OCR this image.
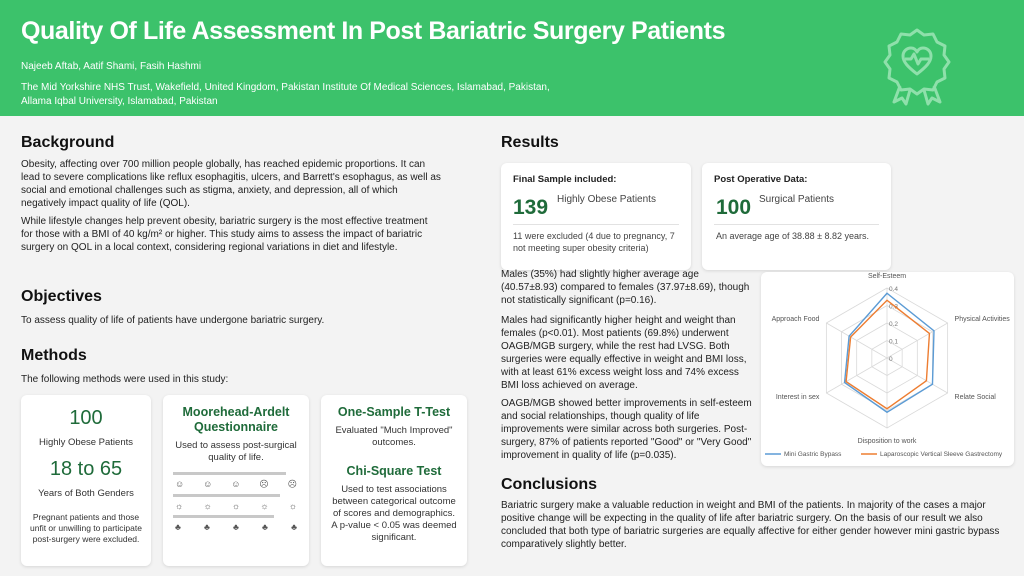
Quality Of Life Assessment In Post Bariatric Surgery Patients
Najeeb Aftab, Aatif Shami, Fasih Hashmi
The Mid Yorkshire NHS Trust, Wakefield, United Kingdom, Pakistan Institute Of Medical Sciences, Islamabad, Pakistan, Allama Iqbal University, Islamabad, Pakistan
Background
Obesity, affecting over 700 million people globally, has reached epidemic proportions. It can lead to severe complications like reflux esophagitis, ulcers, and Barrett's esophagus, as well as social and emotional challenges such as stigma, anxiety, and depression, all of which negatively impact quality of life (QOL).
While lifestyle changes help prevent obesity, bariatric surgery is the most effective treatment for those with a BMI of 40 kg/m² or higher. This study aims to assess the impact of bariatric surgery on QOL in a local context, considering regional variations in diet and lifestyle.
Objectives
To assess quality of life of patients have undergone bariatric surgery.
Methods
The following methods were used in this study:
100
Highly Obese Patients
18 to 65
Years of Both Genders
Pregnant patients and those unfit or unwilling to participate post-surgery were excluded.
Moorehead-Ardelt Questionnaire
Used to assess post-surgical quality of life.
☺ ☺ ☺ ☹ ☹
☼ ☼ ☼ ☼ ☼
♣	♣	♣	♣	♣
One-Sample T-Test
Evaluated "Much Improved" outcomes.
Chi-Square Test
Used to test associations between categorical outcome of scores and demographics. A p-value < 0.05 was deemed significant.
Results
Final Sample included:
139 Highly Obese Patients
11 were excluded (4 due to pregnancy, 7 not meeting super obesity criteria)
Post Operative Data:
100 Surgical Patients
An average age of 38.88 ± 8.82 years.
Males (35%) had slightly higher average age (40.57±8.93) compared to females (37.97±8.69), though not statistically significant (p=0.16).
Males had significantly higher height and weight than females (p<0.01). Most patients (69.8%) underwent OAGB/MGB surgery, while the rest had LVSG. Both surgeries were equally effective in weight and BMI loss, with at least 61% excess weight loss and 74% excess BMI loss achieved on average.
OAGB/MGB showed better improvements in self-esteem and social relationships, though quality of life improvements were similar across both surgeries. Post-surgery, 87% of patients reported "Good" or "Very Good" improvement in quality of life (p=0.035).
0
0.1
0.2
0.3
0.4
Self-Esteem
Physical Activities
Relate Social
Disposition to work
Interest in sex
Approach Food
Mini Gastric Bypass	Laparoscopic Vertical Sleeve Gastrectomy
Conclusions
Bariatric surgery make a valuable reduction in weight and BMI of the patients. In majority of the cases a major positive change will be expecting in the quality of life after bariatric surgery. On the basis of our result we also concluded that both type of bariatric surgeries are equally affective for either gender however mini gastric bypass comparatively slightly better.
